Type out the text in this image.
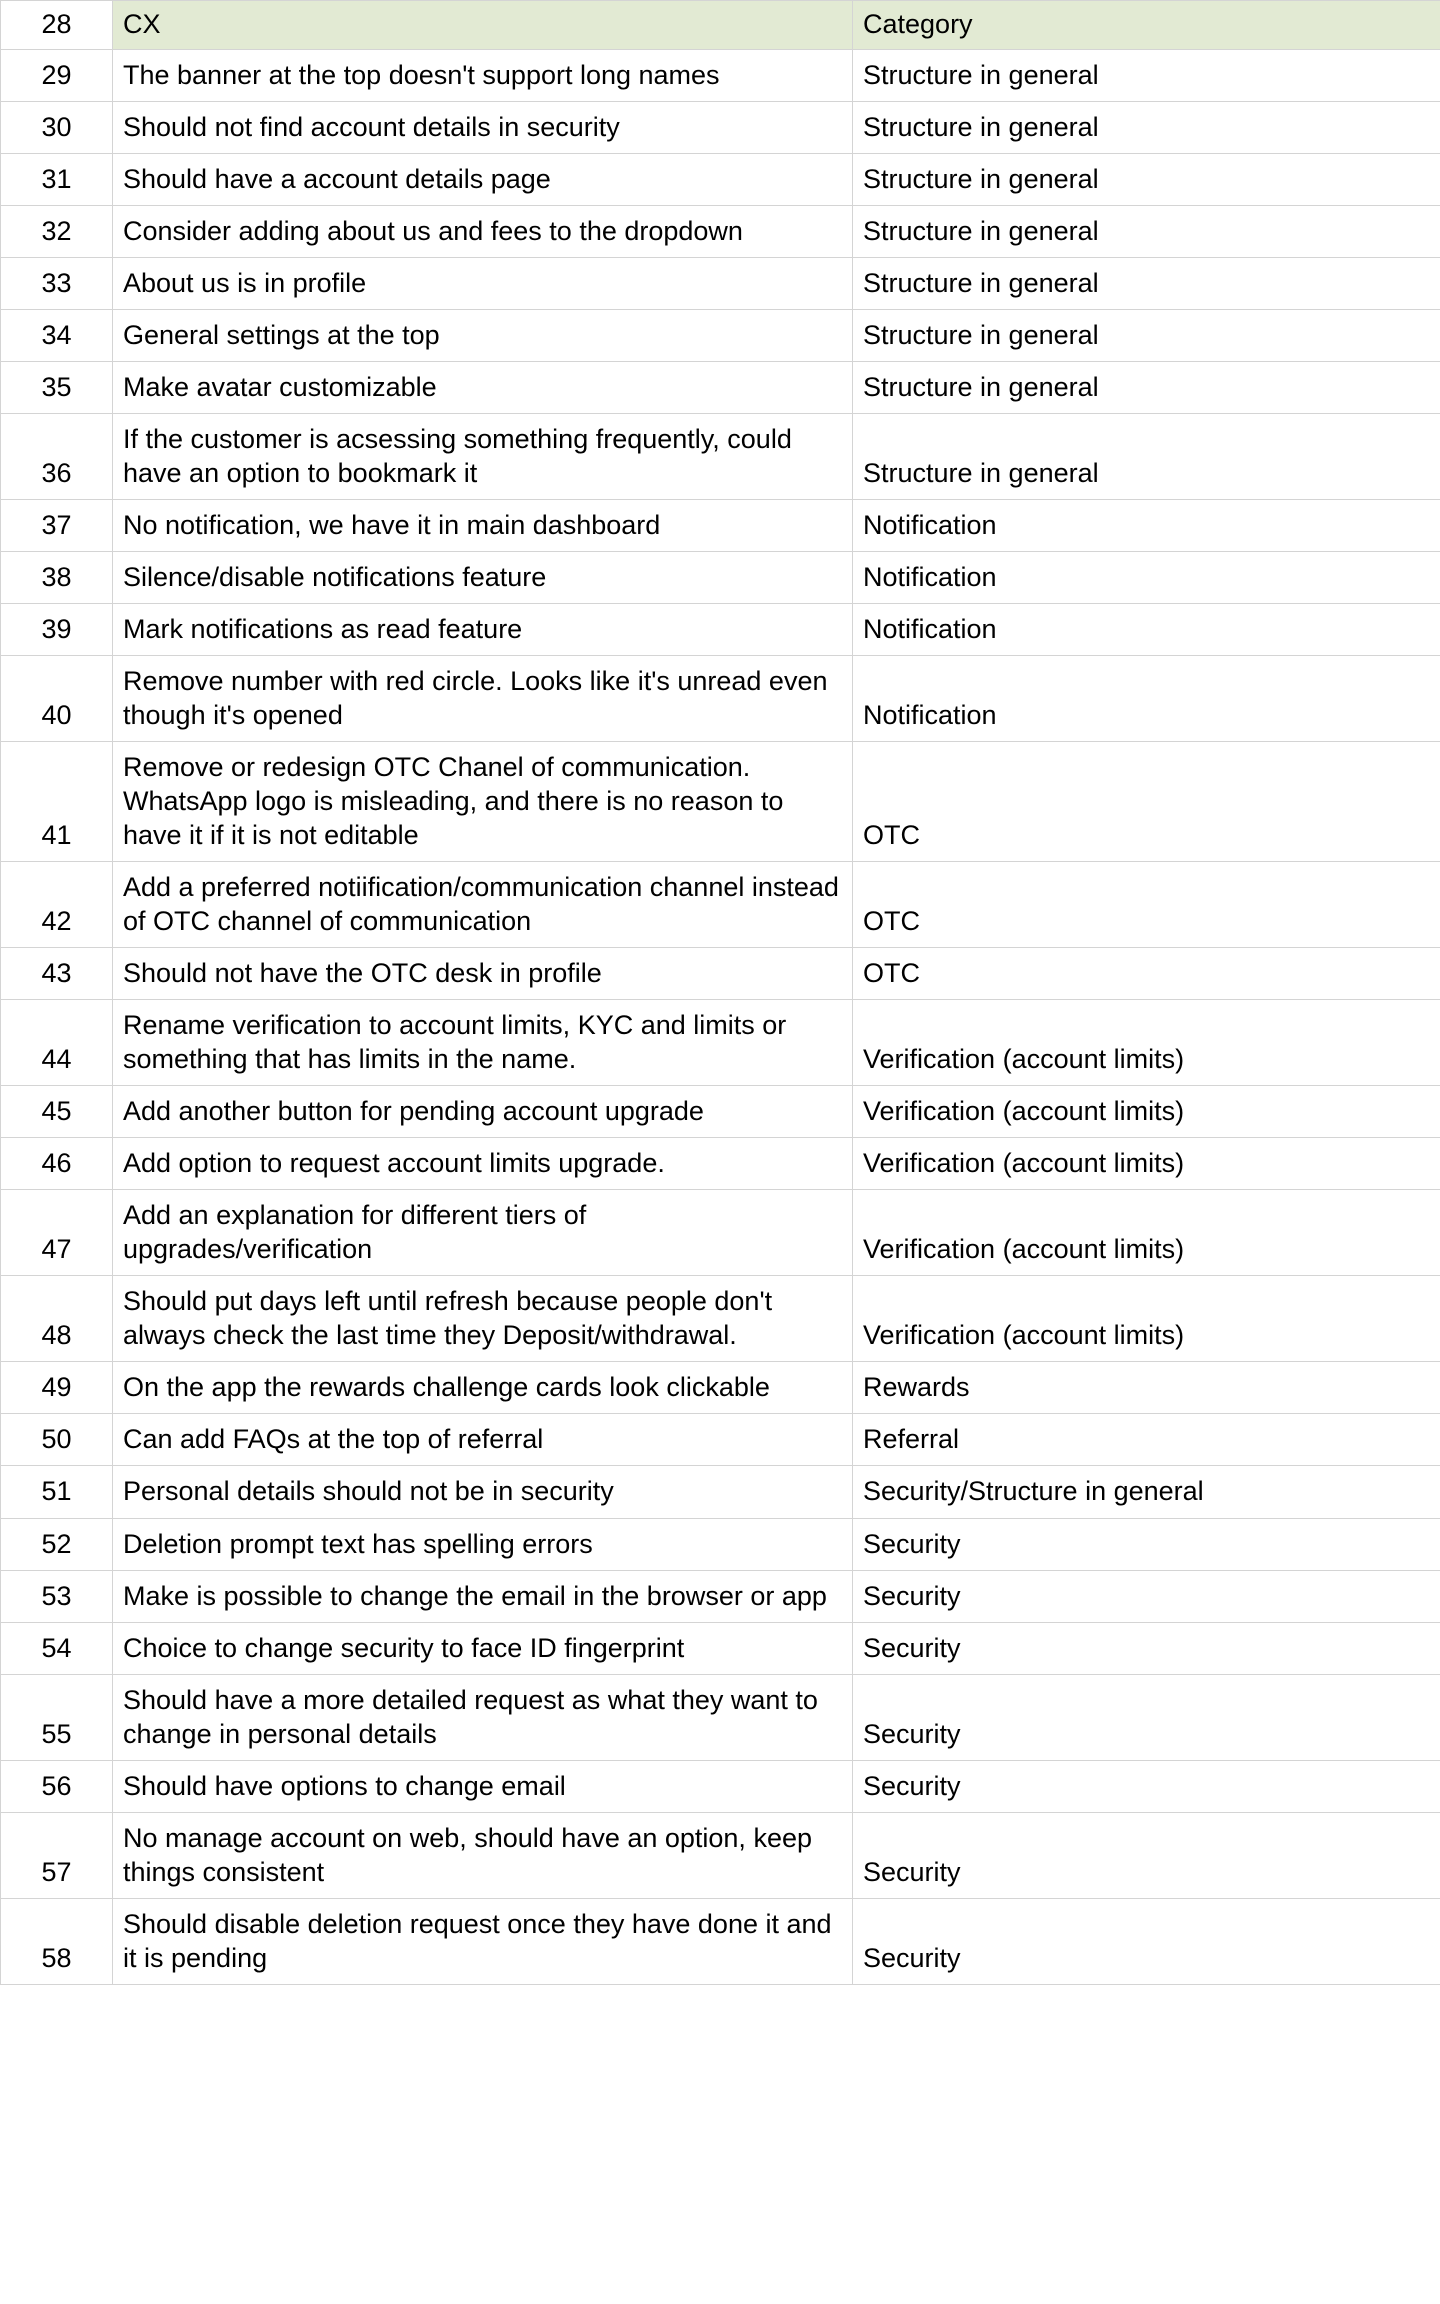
28	CX	Category
29	The banner at the top doesn't support long names	Structure in general
30	Should not find account details in security	Structure in general
31	Should have a account details page	Structure in general
32	Consider adding about us and fees to the dropdown	Structure in general
33	About us is in profile	Structure in general
34	General settings at the top	Structure in general
35	Make avatar customizable	Structure in general
36	If the customer is acsessing something frequently, could have an option to bookmark it	Structure in general
37	No notification, we have it in main dashboard	Notification
38	Silence/disable notifications feature	Notification
39	Mark notifications as read feature	Notification
40	Remove number with red circle. Looks like it's unread even though it's opened	Notification
41	Remove or redesign OTC Chanel of communication. WhatsApp logo is misleading, and there is no reason to have it if it is not editable	OTC
42	Add a preferred notiification/communication channel instead of OTC channel of communication	OTC
43	Should not have the OTC desk in profile	OTC
44	Rename verification to account limits, KYC and limits or something that has limits in the name.	Verification (account limits)
45	Add another button for pending account upgrade	Verification (account limits)
46	Add option to request account limits upgrade.	Verification (account limits)
47	Add an explanation for different tiers of upgrades/verification	Verification (account limits)
48	Should put days left until refresh because people don't always check the last time they Deposit/withdrawal.	Verification (account limits)
49	On the app the rewards challenge cards look clickable	Rewards
50	Can add FAQs at the top of referral	Referral
51	Personal details should not be in security	Security/Structure in general
52	Deletion prompt text has spelling errors	Security
53	Make is possible to change the email in the browser or app	Security
54	Choice to change security to face ID fingerprint	Security
55	Should have a more detailed request as what they want to change in personal details	Security
56	Should have options to change email	Security
57	No manage account on web, should have an option, keep things consistent	Security
58	Should disable deletion request once they have done it and it is pending	Security
